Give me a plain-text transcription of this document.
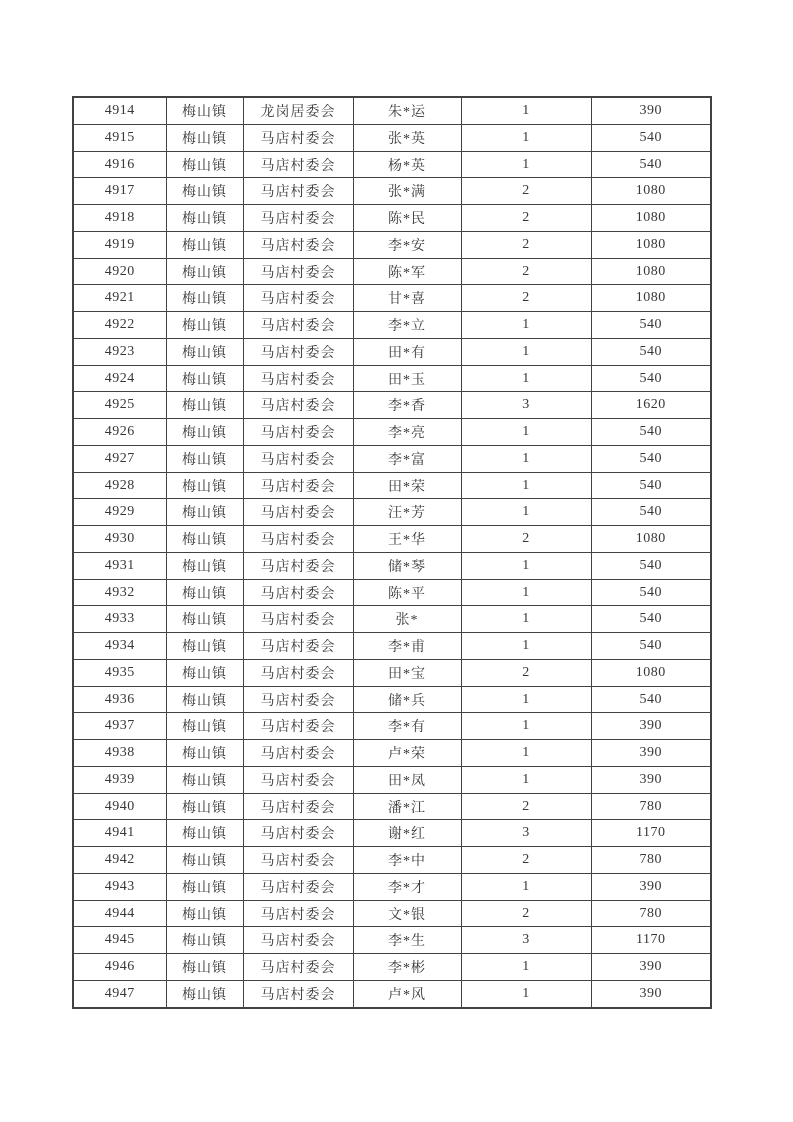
4914	梅山镇	龙岗居委会	朱*运	1	390
4915	梅山镇	马店村委会	张*英	1	540
4916	梅山镇	马店村委会	杨*英	1	540
4917	梅山镇	马店村委会	张*满	2	1080
4918	梅山镇	马店村委会	陈*民	2	1080
4919	梅山镇	马店村委会	李*安	2	1080
4920	梅山镇	马店村委会	陈*军	2	1080
4921	梅山镇	马店村委会	甘*喜	2	1080
4922	梅山镇	马店村委会	李*立	1	540
4923	梅山镇	马店村委会	田*有	1	540
4924	梅山镇	马店村委会	田*玉	1	540
4925	梅山镇	马店村委会	李*香	3	1620
4926	梅山镇	马店村委会	李*亮	1	540
4927	梅山镇	马店村委会	李*富	1	540
4928	梅山镇	马店村委会	田*荣	1	540
4929	梅山镇	马店村委会	汪*芳	1	540
4930	梅山镇	马店村委会	王*华	2	1080
4931	梅山镇	马店村委会	储*琴	1	540
4932	梅山镇	马店村委会	陈*平	1	540
4933	梅山镇	马店村委会	张*	1	540
4934	梅山镇	马店村委会	李*甫	1	540
4935	梅山镇	马店村委会	田*宝	2	1080
4936	梅山镇	马店村委会	储*兵	1	540
4937	梅山镇	马店村委会	李*有	1	390
4938	梅山镇	马店村委会	卢*荣	1	390
4939	梅山镇	马店村委会	田*凤	1	390
4940	梅山镇	马店村委会	潘*江	2	780
4941	梅山镇	马店村委会	谢*红	3	1170
4942	梅山镇	马店村委会	李*中	2	780
4943	梅山镇	马店村委会	李*才	1	390
4944	梅山镇	马店村委会	文*银	2	780
4945	梅山镇	马店村委会	李*生	3	1170
4946	梅山镇	马店村委会	李*彬	1	390
4947	梅山镇	马店村委会	卢*风	1	390
